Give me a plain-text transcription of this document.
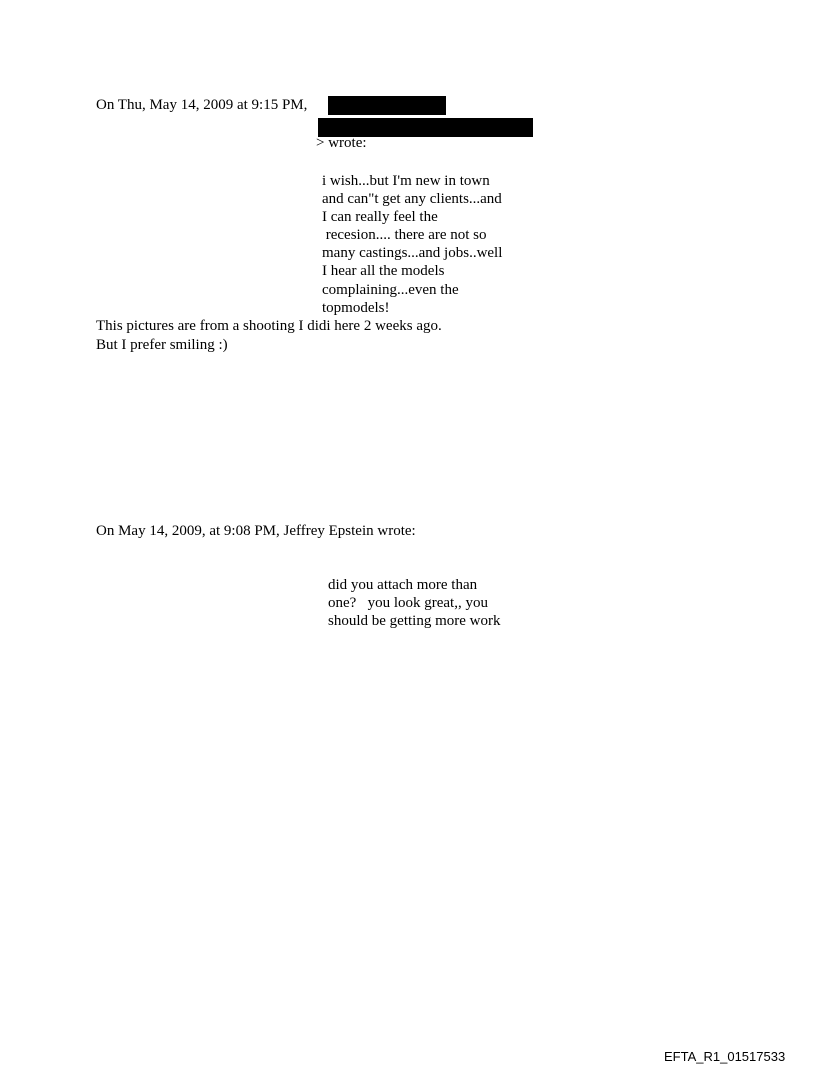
On Thu, May 14, 2009 at 9:15 PM,
> wrote:
i wish...but I'm new in town
and can"t get any clients...and
I can really feel the
recesion.... there are not so
many castings...and jobs..well
I hear all the models
complaining...even the
topmodels!
This pictures are from a shooting I didi here 2 weeks ago.
But I prefer smiling :)
On May 14, 2009, at 9:08 PM, Jeffrey Epstein wrote:
did you attach more than
one?   you look great,, you
should be getting more work
EFTA_R1_01517533
